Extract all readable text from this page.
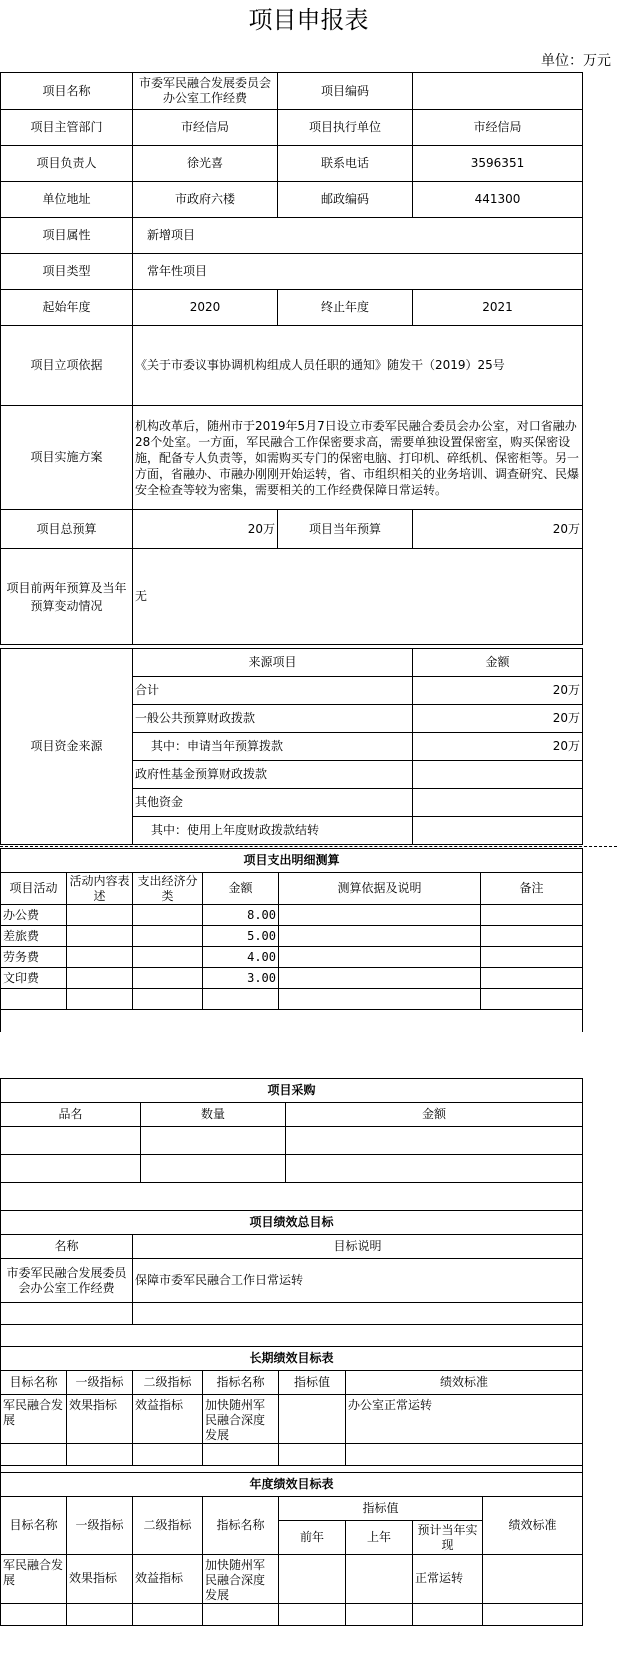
项目申报表
单位：万元
项目名称	市委军民融合发展委员会办公室工作经费	项目编码	
项目主管部门	市经信局	项目执行单位	市经信局
项目负责人	徐光喜	联系电话	3596351
单位地址	市政府六楼	邮政编码	441300
项目属性	新增项目		
项目类型	常年性项目		
起始年度	2020	终止年度	2021
项目立项依据	《关于市委议事协调机构组成人员任职的通知》随发干（2019）25号		
项目实施方案	机构改革后，随州市于2019年5月7日设立市委军民融合委员会办公室，对口省融办28个处室。一方面，军民融合工作保密要求高，需要单独设置保密室，购买保密设施，配备专人负责等，如需购买专门的保密电脑、打印机、碎纸机、保密柜等。另一方面，省融办、市融办刚刚开始运转，省、市组织相关的业务培训、调查研究、民爆安全检查等较为密集，需要相关的工作经费保障日常运转。		
项目总预算	20万	项目当年预算	20万
项目前两年预算及当年预算变动情况	无		
项目资金来源	来源项目	金额
	合计	20万
	一般公共预算财政拨款	20万
	其中：申请当年预算拨款	20万
	政府性基金预算财政拨款	
	其他资金	
	其中：使用上年度财政拨款结转	
项目支出明细测算					
项目活动	活动内容表述	支出经济分类	金额	测算依据及说明	备注
办公费			8.00		
差旅费			5.00		
劳务费			4.00		
文印费			3.00		

项目采购		
品名	数量	金额

项目绩效总目标	
名称	目标说明
市委军民融合发展委员会办公室工作经费	保障市委军民融合工作日常运转

长期绩效目标表					
目标名称	一级指标	二级指标	指标名称	指标值	绩效标准
军民融合发展	效果指标	效益指标	加快随州军民融合深度发展		办公室正常运转

年度绩效目标表							
目标名称	一级指标	二级指标	指标名称	指标值			绩效标准
				前年	上年	预计当年实现	
军民融合发展	效果指标	效益指标	加快随州军民融合深度发展			正常运转	
